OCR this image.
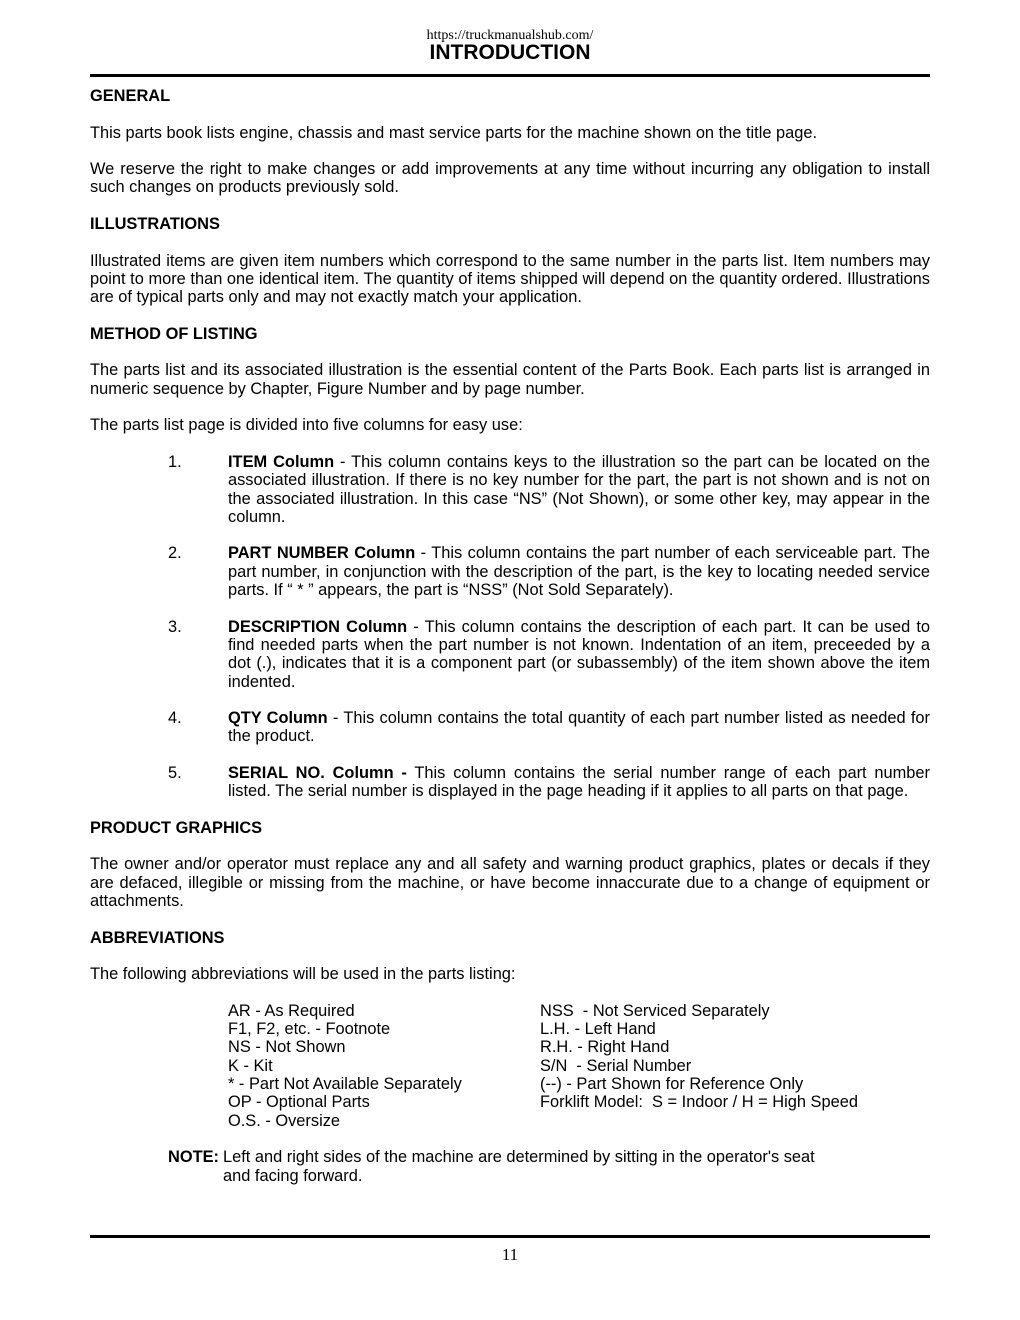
https://truckmanualshub.com/
INTRODUCTION
GENERAL

This parts book lists engine, chassis and mast service parts for the machine shown on the title page.

We reserve the right to make changes or add improvements at any time without incurring any obligation to install such changes on products previously sold.

ILLUSTRATIONS

Illustrated items are given item numbers which correspond to the same number in the parts list. Item numbers may point to more than one identical item. The quantity of items shipped will depend on the quantity ordered. Illustrations are of typical parts only and may not exactly match your application.

METHOD OF LISTING

The parts list and its associated illustration is the essential content of the Parts Book. Each parts list is arranged in numeric sequence by Chapter, Figure Number and by page number.

The parts list page is divided into five columns for easy use:

1.	ITEM Column - This column contains keys to the illustration so the part can be located on the associated illustration. If there is no key number for the part, the part is not shown and is not on the associated illustration. In this case “NS” (Not Shown), or some other key, may appear in the column.
2.	PART NUMBER Column - This column contains the part number of each serviceable part. The part number, in conjunction with the description of the part, is the key to locating needed service parts. If “ * ” appears, the part is “NSS” (Not Sold Separately).
3.	DESCRIPTION Column - This column contains the description of each part. It can be used to find needed parts when the part number is not known. Indentation of an item, preceeded by a dot (.), indicates that it is a component part (or subassembly) of the item shown above the item indented.
4.	QTY Column - This column contains the total quantity of each part number listed as needed for the product.
5.	SERIAL NO. Column - This column contains the serial number range of each part number listed. The serial number is displayed in the page heading if it applies to all parts on that page.
PRODUCT GRAPHICS

The owner and/or operator must replace any and all safety and warning product graphics, plates or decals if they are defaced, illegible or missing from the machine, or have become innaccurate due to a change of equipment or attachments.

ABBREVIATIONS

The following abbreviations will be used in the parts listing:

AR - As Required
F1, F2, etc. - Footnote
NS - Not Shown
K - Kit
* - Part Not Available Separately
OP - Optional Parts
O.S. - Oversize
NSS  - Not Serviced Separately
L.H. - Left Hand
R.H. - Right Hand
S/N  - Serial Number
(--) - Part Shown for Reference Only
Forklift Model:  S = Indoor / H = High Speed
NOTE: Left and right sides of the machine are determined by sitting in the operator's seat
and facing forward.
11
